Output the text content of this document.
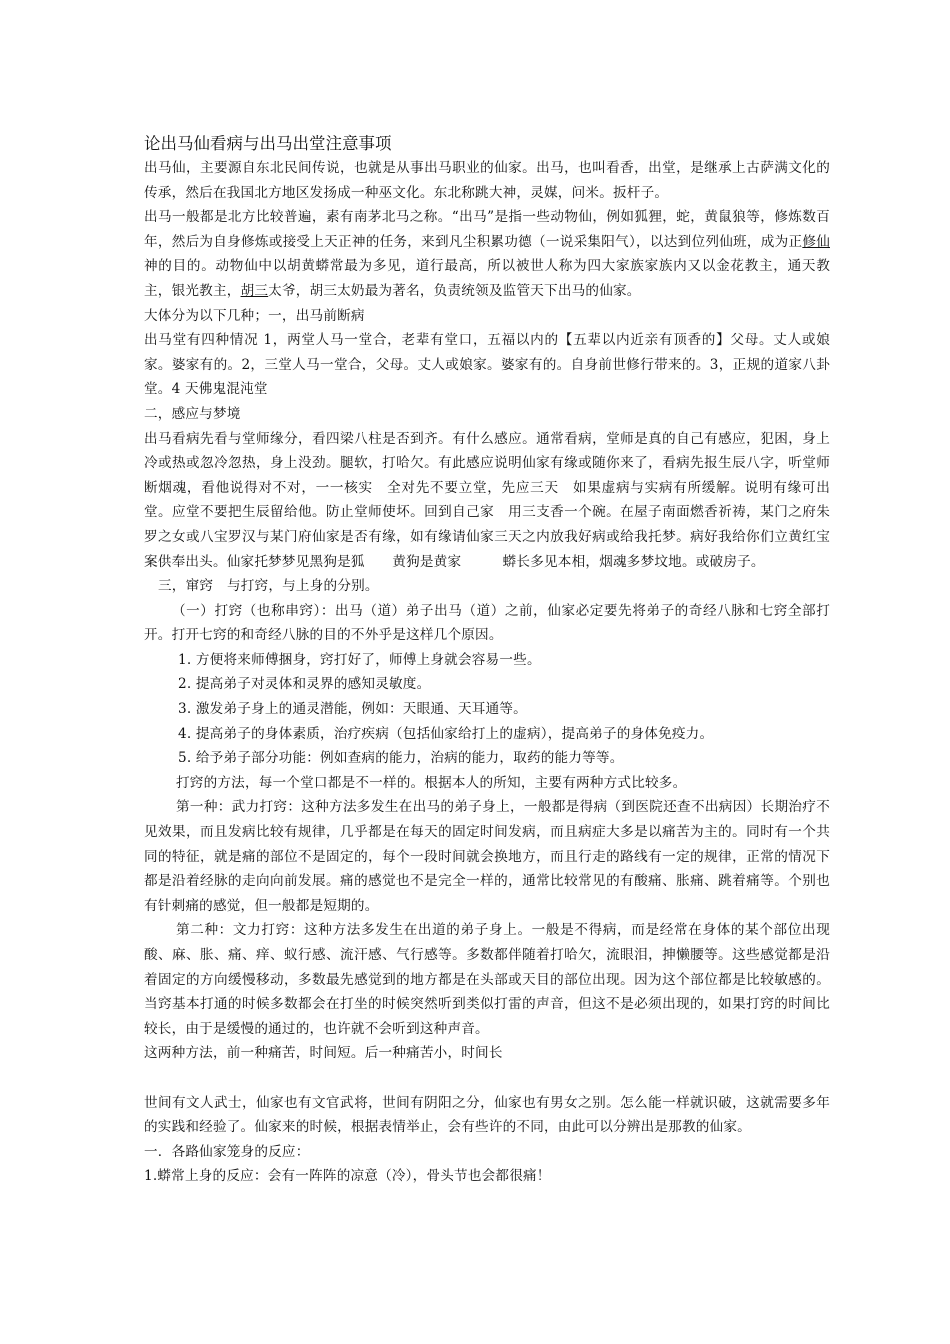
论出马仙看病与出马出堂注意事项

出马仙，主要源自东北民间传说，也就是从事出马职业的仙家。出马，也叫看香，出堂，是继承上古萨满文化的传承，然后在我国北方地区发扬成一种巫文化。东北称跳大神，灵媒，问米。扳杆子。

出马一般都是北方比较普遍，素有南茅北马之称。“出马”是指一些动物仙，例如狐狸，蛇，黄鼠狼等，修炼数百年，然后为自身修炼或接受上天正神的任务，来到凡尘积累功德（一说采集阳气），以达到位列仙班，成为正修仙神的目的。动物仙中以胡黄蟒常最为多见，道行最高，所以被世人称为四大家族家族内又以金花教主，通天教主，银光教主，胡三太爷，胡三太奶最为著名，负责统领及监管天下出马的仙家。

大体分为以下几种；一，出马前断病

出马堂有四种情况 1，两堂人马一堂合，老辈有堂口，五福以内的【五辈以内近亲有顶香的】父母。丈人或娘家。婆家有的。2，三堂人马一堂合，父母。丈人或娘家。婆家有的。自身前世修行带来的。3，正规的道家八卦堂。4 天佛鬼混沌堂

二，感应与梦境

出马看病先看与堂师缘分，看四梁八柱是否到齐。有什么感应。通常看病，堂师是真的自己有感应，犯困，身上冷或热或忽冷忽热，身上没劲。腿软，打哈欠。有此感应说明仙家有缘或随你来了，看病先报生辰八字，听堂师断烟魂，看他说得对不对，一一核实　全对先不要立堂，先应三天　如果虚病与实病有所缓解。说明有缘可出堂。应堂不要把生辰留给他。防止堂师使坏。回到自己家　用三支香一个碗。在屋子南面燃香祈祷，某门之府朱罗之女或八宝罗汉与某门府仙家是否有缘，如有缘请仙家三天之内放我好病或给我托梦。病好我给你们立黄红宝案供奉出头。仙家托梦梦见黑狗是狐　　黄狗是黄家　　　蟒长多见本相，烟魂多梦坟地。或破房子。

三，窜窍　与打窍，与上身的分别。

（一）打窍（也称串窍）：出马（道）弟子出马（道）之前，仙家必定要先将弟子的奇经八脉和七窍全部打开。打开七窍的和奇经八脉的目的不外乎是这样几个原因。

1. 方便将来师傅捆身，窍打好了，师傅上身就会容易一些。

2. 提高弟子对灵体和灵界的感知灵敏度。

3. 激发弟子身上的通灵潜能，例如：天眼通、天耳通等。

4. 提高弟子的身体素质，治疗疾病（包括仙家给打上的虚病），提高弟子的身体免疫力。

5. 给予弟子部分功能：例如查病的能力，治病的能力，取药的能力等等。

打窍的方法，每一个堂口都是不一样的。根据本人的所知，主要有两种方式比较多。

第一种：武力打窍：这种方法多发生在出马的弟子身上，一般都是得病（到医院还查不出病因）长期治疗不见效果，而且发病比较有规律，几乎都是在每天的固定时间发病，而且病症大多是以痛苦为主的。同时有一个共同的特征，就是痛的部位不是固定的，每个一段时间就会换地方，而且行走的路线有一定的规律，正常的情况下都是沿着经脉的走向向前发展。痛的感觉也不是完全一样的，通常比较常见的有酸痛、胀痛、跳着痛等。个别也有针刺痛的感觉，但一般都是短期的。

第二种：文力打窍：这种方法多发生在出道的弟子身上。一般是不得病，而是经常在身体的某个部位出现酸、麻、胀、痛、痒、蚁行感、流汗感、气行感等。多数都伴随着打哈欠，流眼泪，抻懒腰等。这些感觉都是沿着固定的方向缓慢移动，多数最先感觉到的地方都是在头部或天目的部位出现。因为这个部位都是比较敏感的。当窍基本打通的时候多数都会在打坐的时候突然听到类似打雷的声音，但这不是必须出现的，如果打窍的时间比较长，由于是缓慢的通过的，也许就不会听到这种声音。

这两种方法，前一种痛苦，时间短。后一种痛苦小，时间长

世间有文人武士，仙家也有文官武将，世间有阴阳之分，仙家也有男女之别。怎么能一样就识破，这就需要多年的实践和经验了。仙家来的时候，根据表情举止，会有些许的不同，由此可以分辨出是那教的仙家。

一．各路仙家笼身的反应：

1.蟒常上身的反应：会有一阵阵的凉意（冷），骨头节也会都很痛！
